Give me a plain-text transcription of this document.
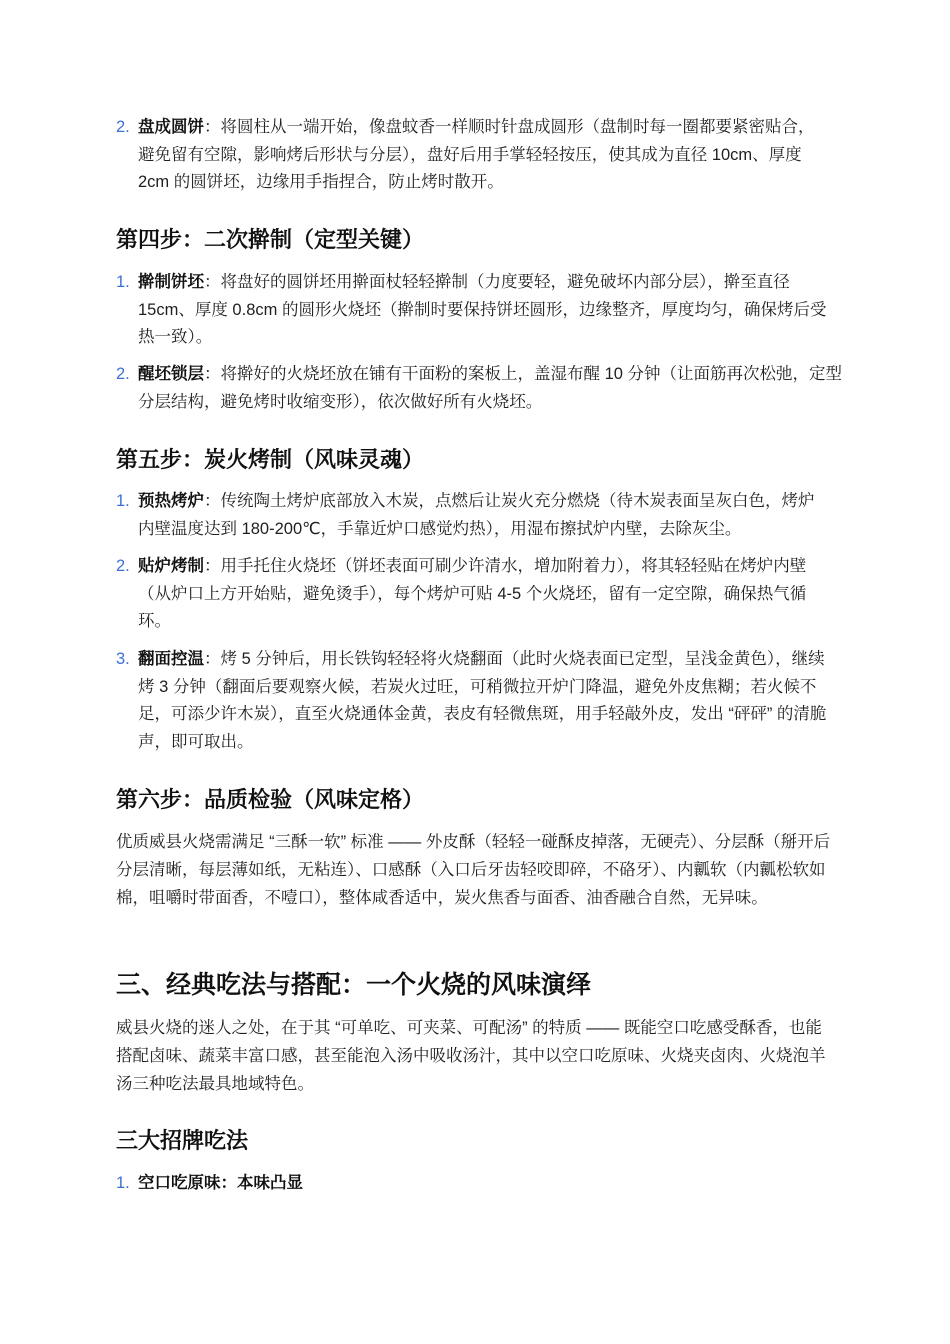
2. 盘成圆饼：将圆柱从一端开始，像盘蚊香一样顺时针盘成圆形（盘制时每一圈都要紧密贴合，避免留有空隙，影响烤后形状与分层），盘好后用手掌轻轻按压，使其成为直径 10cm、厚度 2cm 的圆饼坯，边缘用手指捏合，防止烤时散开。
第四步：二次擀制（定型关键）
1. 擀制饼坯：将盘好的圆饼坯用擀面杖轻轻擀制（力度要轻，避免破坏内部分层），擀至直径 15cm、厚度 0.8cm 的圆形火烧坯（擀制时要保持饼坯圆形，边缘整齐，厚度均匀，确保烤后受热一致）。
2. 醒坯锁层：将擀好的火烧坯放在铺有干面粉的案板上，盖湿布醒 10 分钟（让面筋再次松弛，定型分层结构，避免烤时收缩变形），依次做好所有火烧坯。
第五步：炭火烤制（风味灵魂）
1. 预热烤炉：传统陶土烤炉底部放入木炭，点燃后让炭火充分燃烧（待木炭表面呈灰白色，烤炉内壁温度达到 180-200℃，手靠近炉口感觉灼热），用湿布擦拭炉内壁，去除灰尘。
2. 贴炉烤制：用手托住火烧坯（饼坯表面可刷少许清水，增加附着力），将其轻轻贴在烤炉内壁（从炉口上方开始贴，避免烫手），每个烤炉可贴 4-5 个火烧坯，留有一定空隙，确保热气循环。
3. 翻面控温：烤 5 分钟后，用长铁钩轻轻将火烧翻面（此时火烧表面已定型，呈浅金黄色），继续烤 3 分钟（翻面后要观察火候，若炭火过旺，可稍微拉开炉门降温，避免外皮焦糊；若火候不足，可添少许木炭），直至火烧通体金黄，表皮有轻微焦斑，用手轻敲外皮，发出 “砰砰” 的清脆声，即可取出。
第六步：品质检验（风味定格）
优质威县火烧需满足 “三酥一软” 标准 —— 外皮酥（轻轻一碰酥皮掉落，无硬壳）、分层酥（掰开后分层清晰，每层薄如纸，无粘连）、口感酥（入口后牙齿轻咬即碎，不硌牙）、内瓤软（内瓤松软如棉，咀嚼时带面香，不噎口），整体咸香适中，炭火焦香与面香、油香融合自然，无异味。
三、经典吃法与搭配：一个火烧的风味演绎
威县火烧的迷人之处，在于其 “可单吃、可夹菜、可配汤” 的特质 —— 既能空口吃感受酥香，也能搭配卤味、蔬菜丰富口感，甚至能泡入汤中吸收汤汁，其中以空口吃原味、火烧夹卤肉、火烧泡羊汤三种吃法最具地域特色。
三大招牌吃法
1. 空口吃原味：本味凸显
